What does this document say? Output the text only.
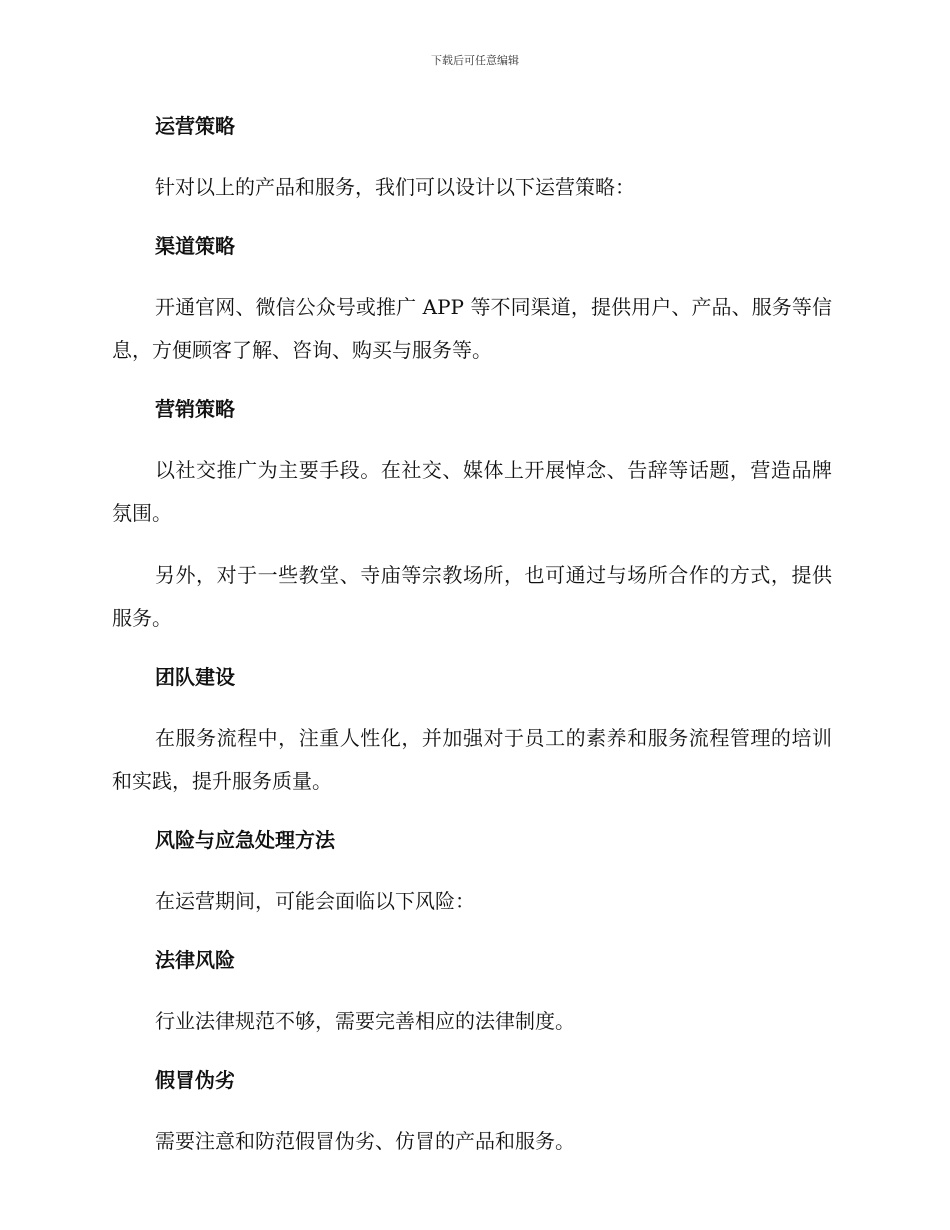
下载后可任意编辑
运营策略

针对以上的产品和服务，我们可以设计以下运营策略：

渠道策略

开通官网、微信公众号或推广 APP 等不同渠道，提供用户、产品、服务等信息，方便顾客了解、咨询、购买与服务等。

营销策略

以社交推广为主要手段。在社交、媒体上开展悼念、告辞等话题，营造品牌氛围。

另外，对于一些教堂、寺庙等宗教场所，也可通过与场所合作的方式，提供服务。

团队建设

在服务流程中，注重人性化，并加强对于员工的素养和服务流程管理的培训和实践，提升服务质量。

风险与应急处理方法

在运营期间，可能会面临以下风险：

法律风险

行业法律规范不够，需要完善相应的法律制度。

假冒伪劣

需要注意和防范假冒伪劣、仿冒的产品和服务。
